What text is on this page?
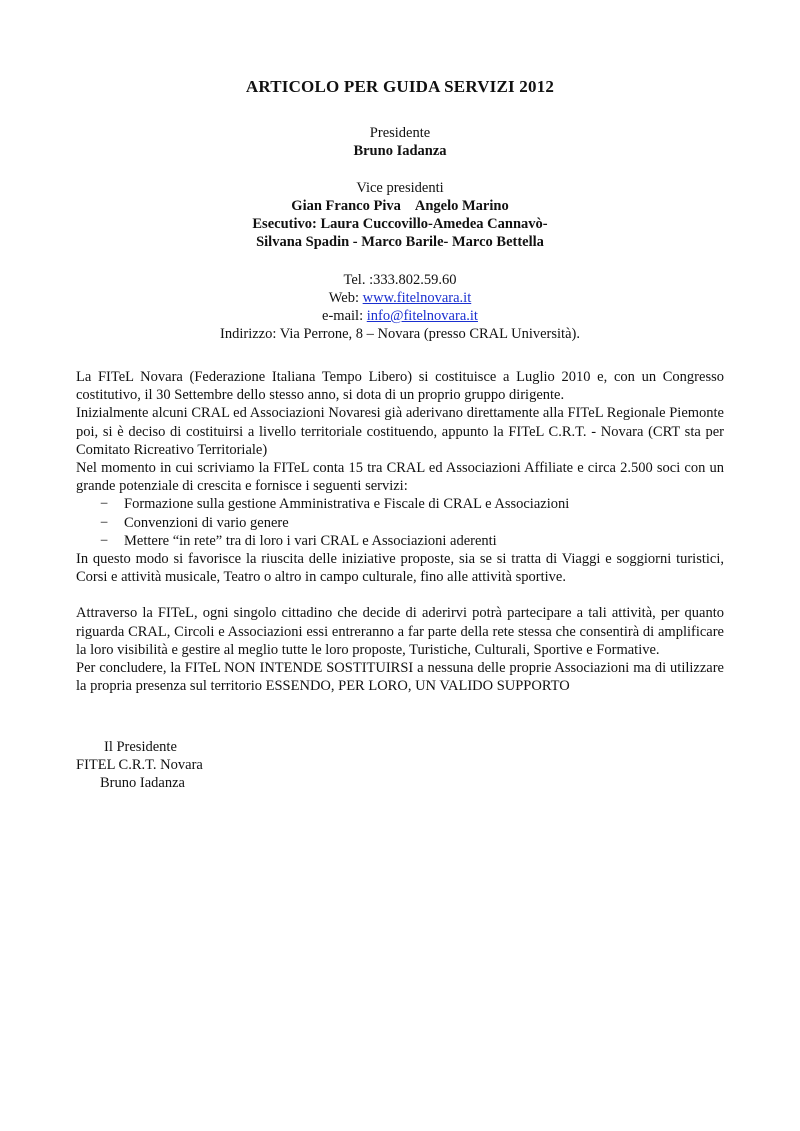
ARTICOLO PER GUIDA SERVIZI 2012
Presidente
Bruno Iadanza
Vice presidenti
Gian Franco Piva Angelo Marino
Esecutivo: Laura Cuccovillo-Amedea Cannavò-
Silvana Spadin - Marco Barile- Marco Bettella
Tel. :333.802.59.60
Web: www.fitelnovara.it
e-mail: info@fitelnovara.it
Indirizzo: Via Perrone, 8 – Novara (presso CRAL Università).

La FITeL Novara (Federazione Italiana Tempo Libero) si costituisce a Luglio 2010 e, con un Congresso costitutivo, il 30 Settembre dello stesso anno, si dota di un proprio gruppo dirigente.

Inizialmente alcuni CRAL ed Associazioni Novaresi già aderivano direttamente alla FITeL Regionale Piemonte poi, si è deciso di costituirsi a livello territoriale costituendo, appunto la FITeL C.R.T. - Novara (CRT sta per Comitato Ricreativo Territoriale)

Nel momento in cui scriviamo la FITeL conta 15 tra CRAL ed Associazioni Affiliate e circa 2.500 soci con un grande potenziale di crescita e fornisce i seguenti servizi:

− Formazione sulla gestione Amministrativa e Fiscale di CRAL e Associazioni
− Convenzioni di vario genere
− Mettere “in rete” tra di loro i vari CRAL e Associazioni aderenti

In questo modo si favorisce la riuscita delle iniziative proposte, sia se si tratta di Viaggi e soggiorni turistici, Corsi e attività musicale, Teatro o altro in campo culturale, fino alle attività sportive.

Attraverso la FITeL, ogni singolo cittadino che decide di aderirvi potrà partecipare a tali attività, per quanto riguarda CRAL, Circoli e Associazioni essi entreranno a far parte della rete stessa che consentirà di amplificare la loro visibilità e gestire al meglio tutte le loro proposte, Turistiche, Culturali, Sportive e Formative.

Per concludere, la FITeL NON INTENDE SOSTITUIRSI a nessuna delle proprie Associazioni ma di utilizzare la propria presenza sul territorio ESSENDO, PER LORO, UN VALIDO SUPPORTO

Il Presidente
FITEL C.R.T. Novara
Bruno Iadanza
